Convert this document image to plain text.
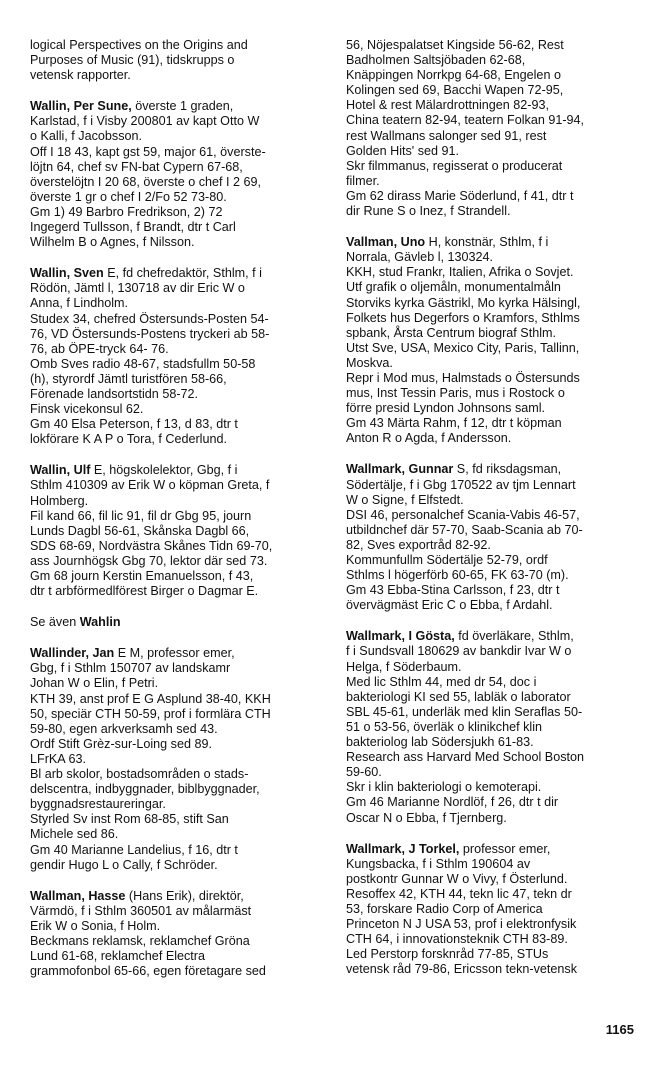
logical Perspectives on the Origins and
Purposes of Music (91), tidskrupps o
vetensk rapporter.

Wallin, Per Sune, överste 1 graden,
Karlstad, f i Visby 200801 av kapt Otto W
o Kalli, f Jacobsson.
Off I 18 43, kapt gst 59, major 61, överste-
löjtn 64, chef sv FN-bat Cypern 67-68,
överstelöjtn I 20 68, överste o chef I 2 69,
överste 1 gr o chef I 2/Fo 52 73-80.
Gm 1) 49 Barbro Fredrikson, 2) 72
Ingegerd Tullsson, f Brandt, dtr t Carl
Wilhelm B o Agnes, f Nilsson.

Wallin, Sven E, fd chefredaktör, Sthlm, f i
Rödön, Jämtl l, 130718 av dir Eric W o
Anna, f Lindholm.
Studex 34, chefred Östersunds-Posten 54-
76, VD Östersunds-Postens tryckeri ab 58-
76, ab ÖPE-tryck 64- 76.
Omb Sves radio 48-67, stadsfullm 50-58
(h), styrordf Jämtl turistfören 58-66,
Förenade landsortstidn 58-72.
Finsk vicekonsul 62.
Gm 40 Elsa Peterson, f 13, d 83, dtr t
lokförare K A P o Tora, f Cederlund.

Wallin, Ulf E, högskolelektor, Gbg, f i
Sthlm 410309 av Erik W o köpman Greta, f
Holmberg.
Fil kand 66, fil lic 91, fil dr Gbg 95, journ
Lunds Dagbl 56-61, Skånska Dagbl 66,
SDS 68-69, Nordvästra Skånes Tidn 69-70,
ass Journhögsk Gbg 70, lektor där sed 73.
Gm 68 journ Kerstin Emanuelsson, f 43,
dtr t arbförmedlförest Birger o Dagmar E.

Se även Wahlin

Wallinder, Jan E M, professor emer,
Gbg, f i Sthlm 150707 av landskamr
Johan W o Elin, f Petri.
KTH 39, anst prof E G Asplund 38-40, KKH
50, speciär CTH 50-59, prof i formlära CTH
59-80, egen arkverksamh sed 43.
Ordf Stift Grèz-sur-Loing sed 89.
LFrKA 63.
Bl arb skolor, bostadsområden o stads-
delscentra, indbyggnader, biblbyggnader,
byggnadsrestaureringar.
Styrled Sv inst Rom 68-85, stift San
Michele sed 86.
Gm 40 Marianne Landelius, f 16, dtr t
gendir Hugo L o Cally, f Schröder.

Wallman, Hasse (Hans Erik), direktör,
Värmdö, f i Sthlm 360501 av målarmäst
Erik W o Sonia, f Holm.
Beckmans reklamsk, reklamchef Gröna
Lund 61-68, reklamchef Electra
grammofonbol 65-66, egen företagare sed

56, Nöjespalatset Kingside 56-62, Rest
Badholmen Saltsjöbaden 62-68,
Knäppingen Norrkpg 64-68, Engelen o
Kolingen sed 69, Bacchi Wapen 72-95,
Hotel & rest Mälardrottningen 82-93,
China teatern 82-94, teatern Folkan 91-94,
rest Wallmans salonger sed 91, rest
Golden Hits' sed 91.
Skr filmmanus, regisserat o producerat
filmer.
Gm 62 dirass Marie Söderlund, f 41, dtr t
dir Rune S o Inez, f Strandell.

Vallman, Uno H, konstnär, Sthlm, f i
Norrala, Gävleb l, 130324.
KKH, stud Frankr, Italien, Afrika o Sovjet.
Utf grafik o oljemåln, monumentalmåln
Storviks kyrka Gästrikl, Mo kyrka Hälsingl,
Folkets hus Degerfors o Kramfors, Sthlms
spbank, Årsta Centrum biograf Sthlm.
Utst Sve, USA, Mexico City, Paris, Tallinn,
Moskva.
Repr i Mod mus, Halmstads o Östersunds
mus, Inst Tessin Paris, mus i Rostock o
förre presid Lyndon Johnsons saml.
Gm 43 Märta Rahm, f 12, dtr t köpman
Anton R o Agda, f Andersson.

Wallmark, Gunnar S, fd riksdagsman,
Södertälje, f i Gbg 170522 av tjm Lennart
W o Signe, f Elfstedt.
DSI 46, personalchef Scania-Vabis 46-57,
utbildnchef där 57-70, Saab-Scania ab 70-
82, Sves exportråd 82-92.
Kommunfullm Södertälje 52-79, ordf
Sthlms l högerförb 60-65, FK 63-70 (m).
Gm 43 Ebba-Stina Carlsson, f 23, dtr t
övervägmäst Eric C o Ebba, f Ardahl.

Wallmark, I Gösta, fd överläkare, Sthlm,
f i Sundsvall 180629 av bankdir Ivar W o
Helga, f Söderbaum.
Med lic Sthlm 44, med dr 54, doc i
bakteriologi KI sed 55, labläk o laborator
SBL 45-61, underläk med klin Seraflas 50-
51 o 53-56, överläk o klinikchef klin
bakteriolog lab Södersjukh 61-83.
Research ass Harvard Med School Boston
59-60.
Skr i klin bakteriologi o kemoterapi.
Gm 46 Marianne Nordlöf, f 26, dtr t dir
Oscar N o Ebba, f Tjernberg.

Wallmark, J Torkel, professor emer,
Kungsbacka, f i Sthlm 190604 av
postkontr Gunnar W o Vivy, f Österlund.
Resoffex 42, KTH 44, tekn lic 47, tekn dr
53, forskare Radio Corp of America
Princeton N J USA 53, prof i elektronfysik
CTH 64, i innovationsteknik CTH 83-89.
Led Perstorp forsknråd 77-85, STUs
vetensk råd 79-86, Ericsson tekn-vetensk

1165
